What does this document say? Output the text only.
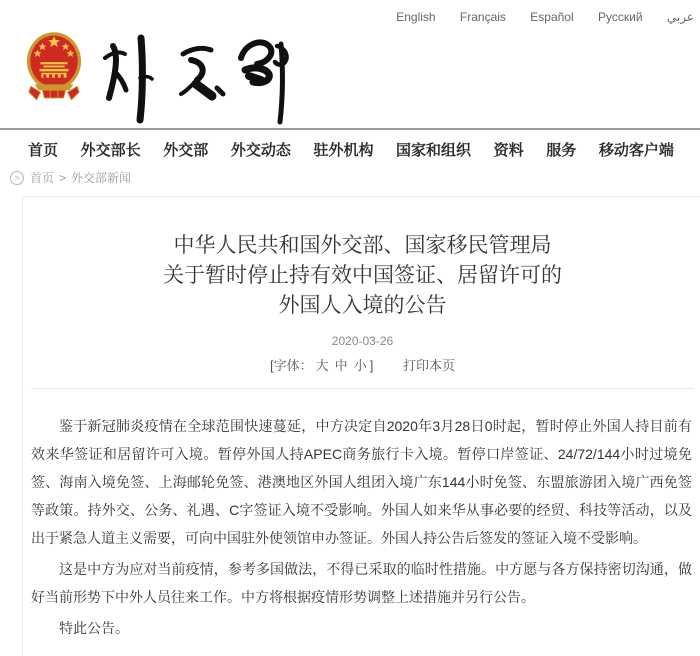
English Français Español Русский عربي
首页 外交部长 外交部 外交动态 驻外机构 国家和组织 资料 服务 移动客户端
» 首页 > 外交部新闻
中华人民共和国外交部、国家移民管理局
关于暂时停止持有效中国签证、居留许可的
外国人入境的公告
2020-03-26
[字体： 大 中 小 ] 打印本页

鉴于新冠肺炎疫情在全球范围快速蔓延，中方决定自2020年3月28日0时起，暂时停止外国人持目前有效来华签证和居留许可入境。暂停外国人持APEC商务旅行卡入境。暂停口岸签证、24/72/144小时过境免签、海南入境免签、上海邮轮免签、港澳地区外国人组团入境广东144小时免签、东盟旅游团入境广西免签等政策。持外交、公务、礼遇、C字签证入境不受影响。外国人如来华从事必要的经贸、科技等活动，以及出于紧急人道主义需要，可向中国驻外使领馆申办签证。外国人持公告后签发的签证入境不受影响。

这是中方为应对当前疫情，参考多国做法，不得已采取的临时性措施。中方愿与各方保持密切沟通，做好当前形势下中外人员往来工作。中方将根据疫情形势调整上述措施并另行公告。

特此公告。
